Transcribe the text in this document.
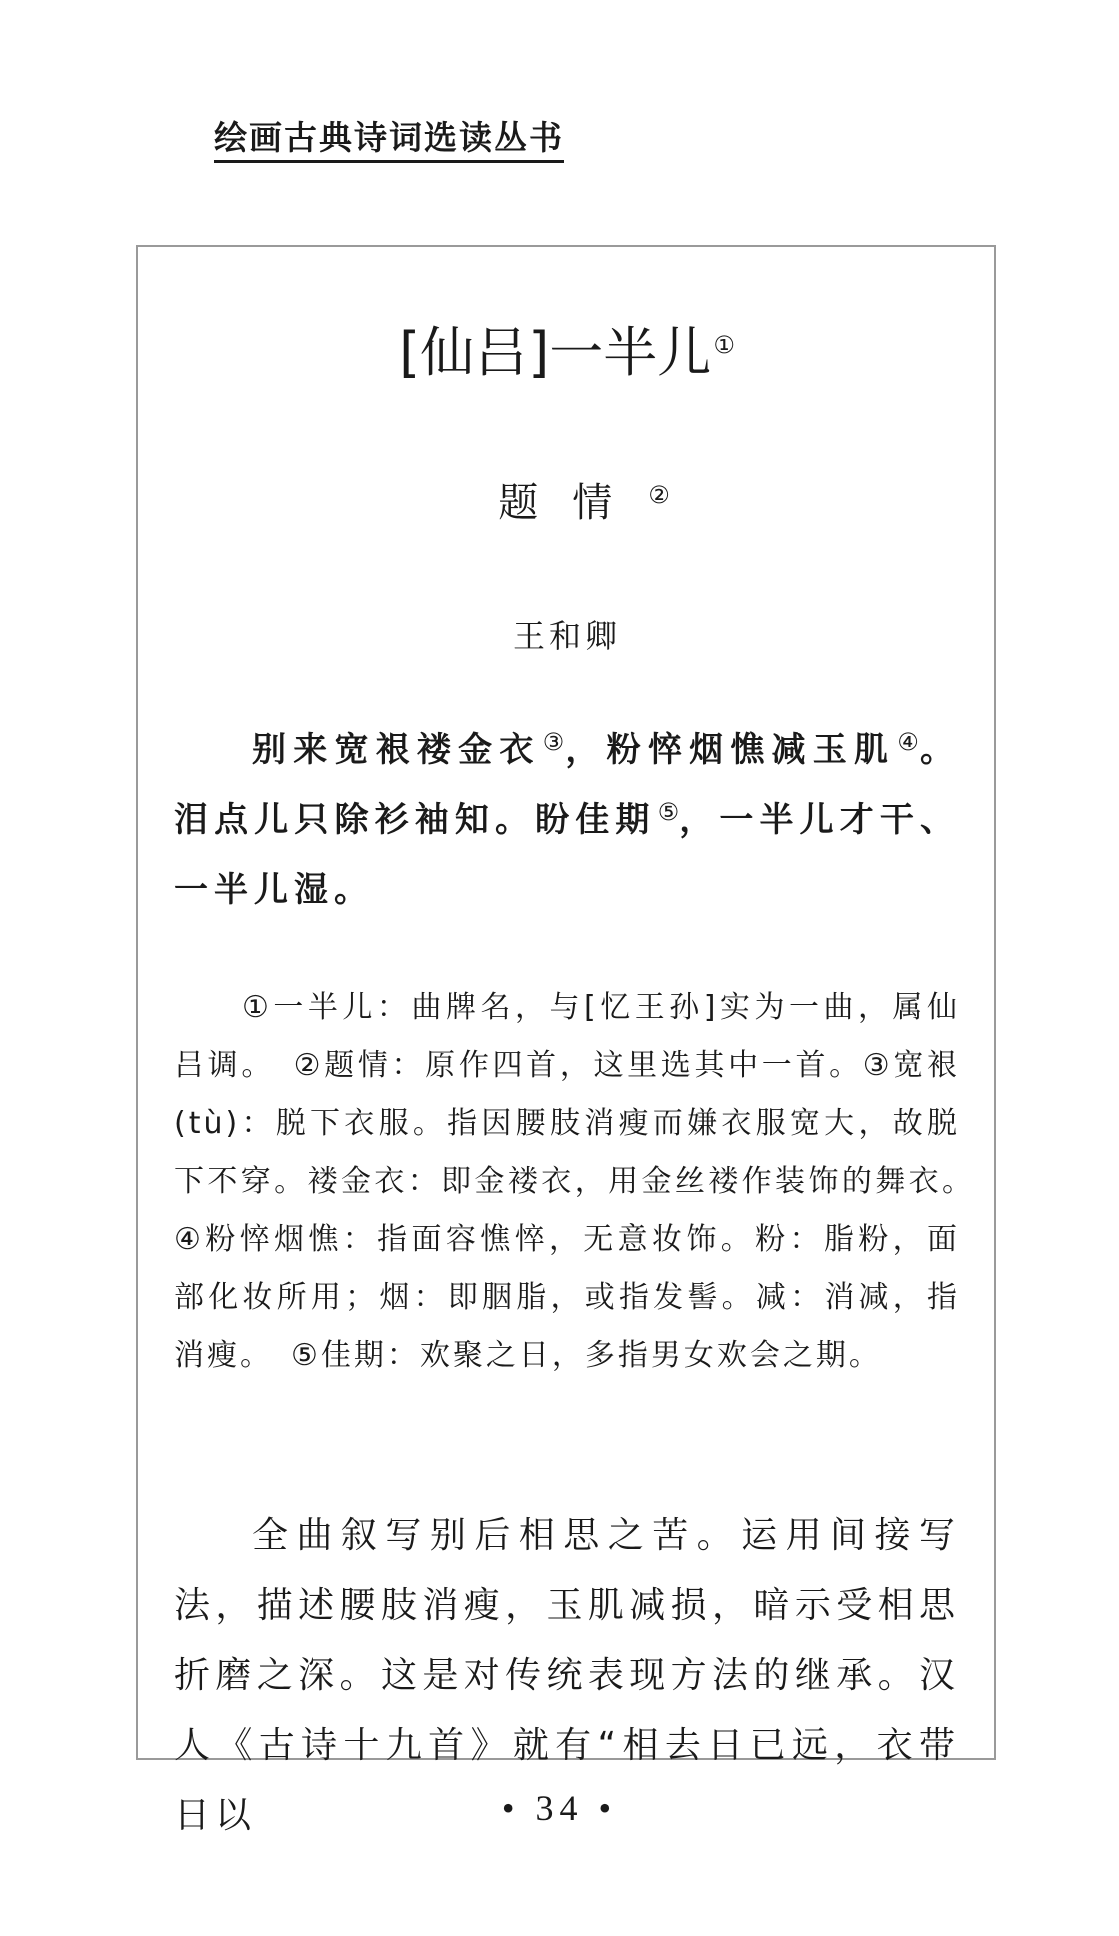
绘画古典诗词选读丛书
[仙吕]一半儿①
题情②
王和卿
别来宽裉褛金衣③，粉悴烟憔减玉肌④。泪点儿只除衫袖知。盼佳期⑤，一半儿才干、一半儿湿。
①一半儿：曲牌名，与[忆王孙]实为一曲，属仙吕调。　②题情：原作四首，这里选其中一首。③宽裉(tù)：脱下衣服。指因腰肢消瘦而嫌衣服宽大，故脱下不穿。褛金衣：即金褛衣，用金丝褛作装饰的舞衣。　④粉悴烟憔：指面容憔悴，无意妆饰。粉：脂粉，面部化妆所用；烟：即胭脂，或指发髻。减：消减，指消瘦。　⑤佳期：欢聚之日，多指男女欢会之期。
全曲叙写别后相思之苦。运用间接写法，描述腰肢消瘦，玉肌减损，暗示受相思折磨之深。这是对传统表现方法的继承。汉人《古诗十九首》就有“相去日已远，衣带日以	• 34 •
